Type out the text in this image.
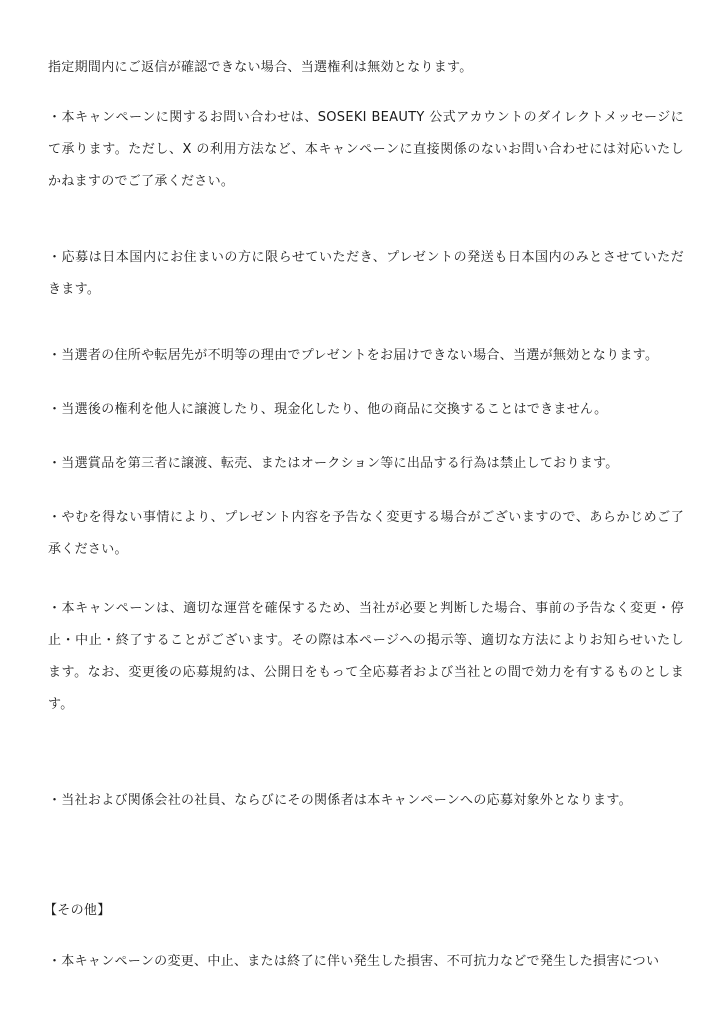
指定期間内にご返信が確認できない場合、当選権利は無効となります。

・本キャンペーンに関するお問い合わせは、SOSEKI BEAUTY 公式アカウントのダイレクトメッセージにて承ります。ただし、X の利用方法など、本キャンペーンに直接関係のないお問い合わせには対応いたしかねますのでご了承ください。

・応募は日本国内にお住まいの方に限らせていただき、プレゼントの発送も日本国内のみとさせていただきます。

・当選者の住所や転居先が不明等の理由でプレゼントをお届けできない場合、当選が無効となります。

・当選後の権利を他人に譲渡したり、現金化したり、他の商品に交換することはできません。

・当選賞品を第三者に譲渡、転売、またはオークション等に出品する行為は禁止しております。

・やむを得ない事情により、プレゼント内容を予告なく変更する場合がございますので、あらかじめご了承ください。

・本キャンペーンは、適切な運営を確保するため、当社が必要と判断した場合、事前の予告なく変更・停止・中止・終了することがございます。その際は本ページへの掲示等、適切な方法によりお知らせいたします。なお、変更後の応募規約は、公開日をもって全応募者および当社との間で効力を有するものとします。

・当社および関係会社の社員、ならびにその関係者は本キャンペーンへの応募対象外となります。

【その他】

・本キャンペーンの変更、中止、または終了に伴い発生した損害、不可抗力などで発生した損害につい
